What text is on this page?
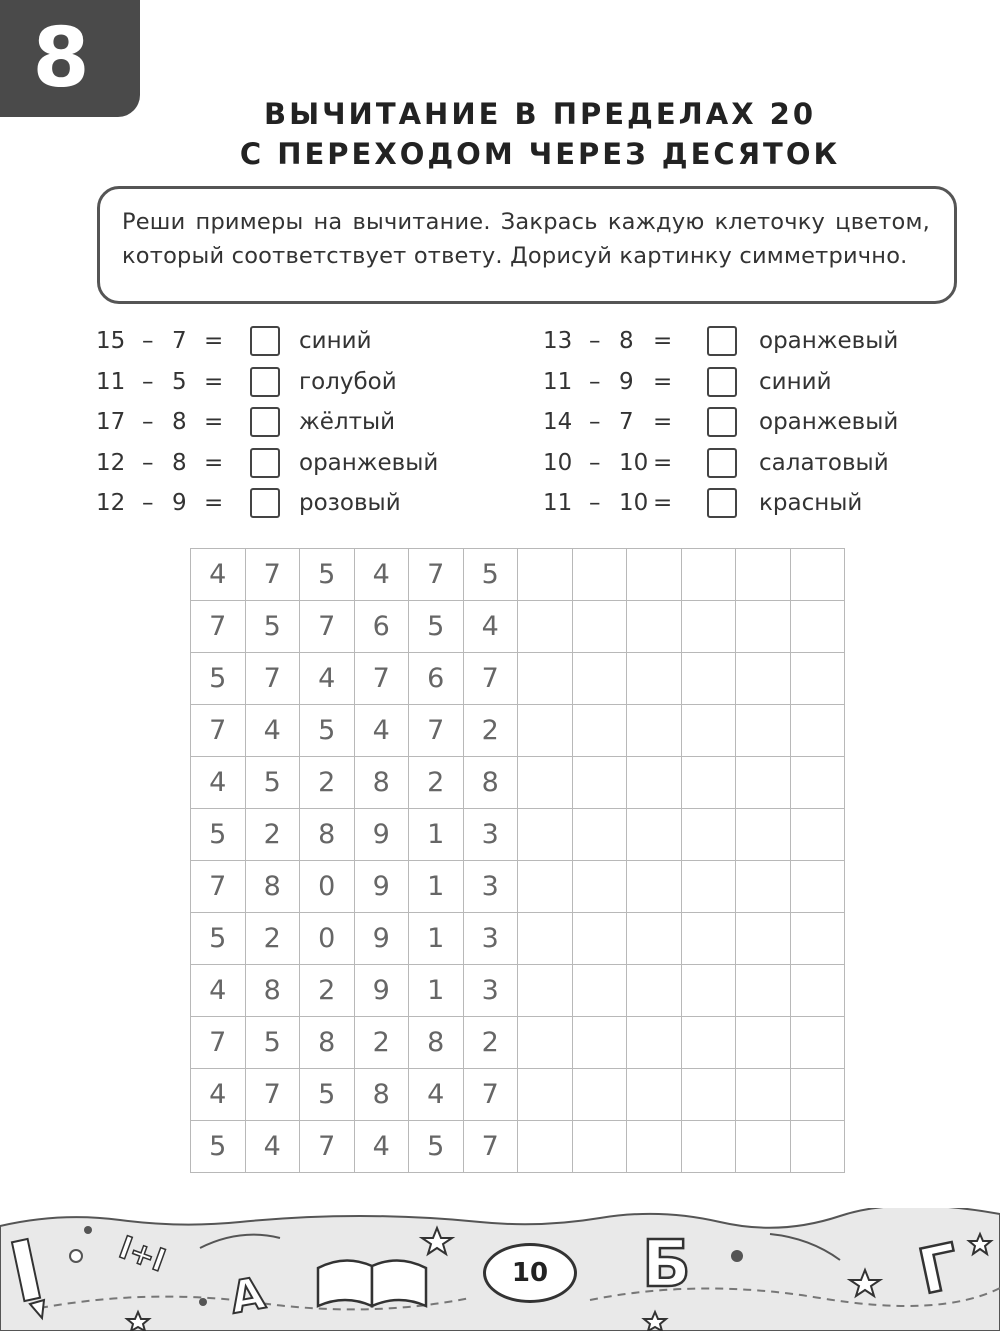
8
ВЫЧИТАНИЕ В ПРЕДЕЛАХ 20
С ПЕРЕХОДОМ ЧЕРЕЗ ДЕСЯТОК
Реши примеры на вычитание. Закрась каждую клеточку цветом, который соответствует ответу. Дорисуй картинку симметрично.
15 – 7 =	синий
11 – 5 =	голубой
17 – 8 =	жёлтый
12 – 8 =	оранжевый
12 – 9 =	розовый
13 – 8 =	оранжевый
11 – 9 =	синий
14 – 7 =	оранжевый
10 – 10 =	салатовый
11 – 10 =	красный
4	7	5	4	7	5						
7	5	7	6	5	4						
5	7	4	7	6	7						
7	4	5	4	7	2						
4	5	2	8	2	8						
5	2	8	9	1	3						
7	8	0	9	1	3						
5	2	0	9	1	3						
4	8	2	9	1	3						
7	5	8	2	8	2						
4	7	5	8	4	7						
5	4	7	4	5	7						
l+l
А	Б	Г
10
